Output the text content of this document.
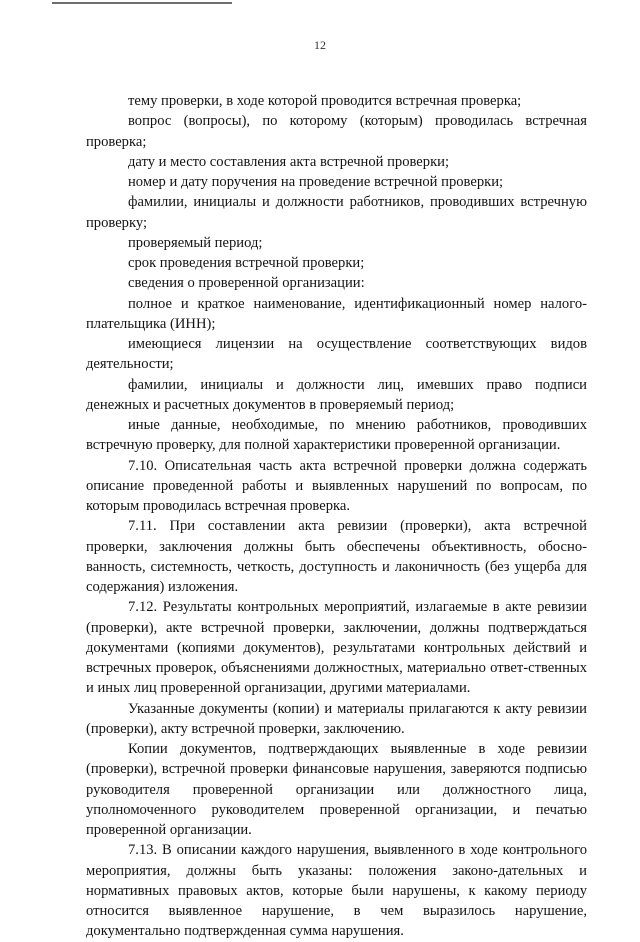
12

тему проверки, в ходе которой проводится встречная проверка;

вопрос (вопросы), по которому (которым) проводилась встречная проверка;

дату и место составления акта встречной проверки;

номер и дату поручения на проведение встречной проверки;

фамилии, инициалы и должности работников, проводивших встречную проверку;

проверяемый период;

срок проведения встречной проверки;

сведения о проверенной организации:

полное и краткое наименование, идентификационный номер налого-плательщика (ИНН);

имеющиеся лицензии на осуществление соответствующих видов деятельности;

фамилии, инициалы и должности лиц, имевших право подписи денежных и расчетных документов в проверяемый период;

иные данные, необходимые, по мнению работников, проводивших встречную проверку, для полной характеристики проверенной организации.

7.10. Описательная часть акта встречной проверки должна содержать описание проведенной работы и выявленных нарушений по вопросам, по которым проводилась встречная проверка.

7.11. При составлении акта ревизии (проверки), акта встречной проверки, заключения должны быть обеспечены объективность, обосно-ванность, системность, четкость, доступность и лаконичность (без ущерба для содержания) изложения.

7.12. Результаты контрольных мероприятий, излагаемые в акте ревизии (проверки), акте встречной проверки, заключении, должны подтверждаться документами (копиями документов), результатами контрольных действий и встречных проверок, объяснениями должностных, материально ответ-ственных и иных лиц проверенной организации, другими материалами.

Указанные документы (копии) и материалы прилагаются к акту ревизии (проверки), акту встречной проверки, заключению.

Копии документов, подтверждающих выявленные в ходе ревизии (проверки), встречной проверки финансовые нарушения, заверяются подписью руководителя проверенной организации или должностного лица, уполномоченного руководителем проверенной организации, и печатью проверенной организации.

7.13. В описании каждого нарушения, выявленного в ходе контрольного мероприятия, должны быть указаны: положения законо-дательных и нормативных правовых актов, которые были нарушены, к какому периоду относится выявленное нарушение, в чем выразилось нарушение, документально подтвержденная сумма нарушения.
